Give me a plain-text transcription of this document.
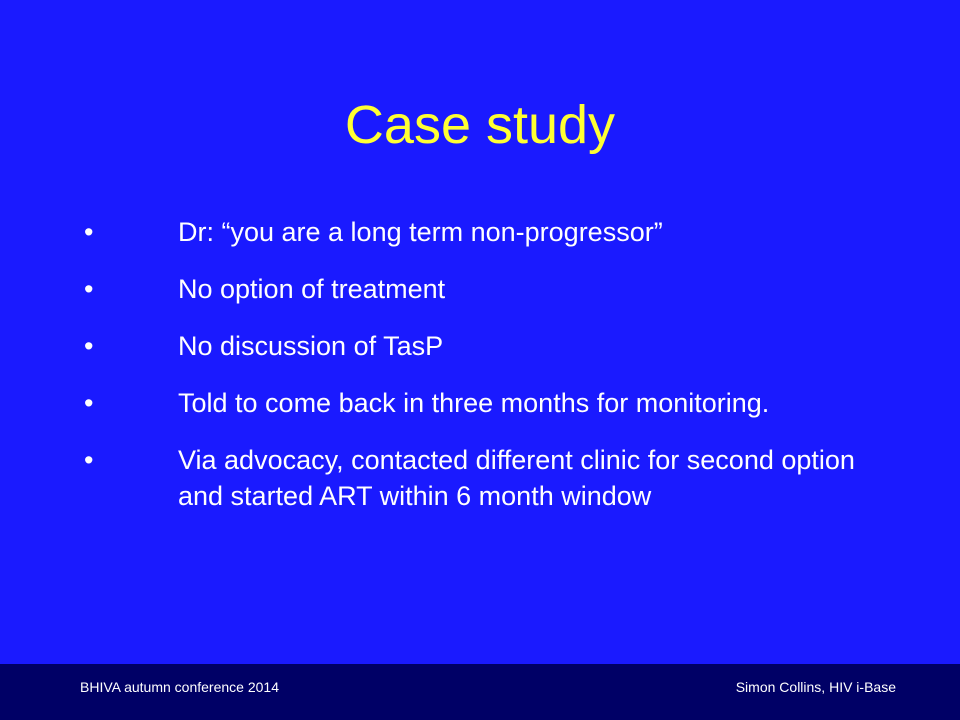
Case study
•	Dr: “you are a long term non-progressor”
•	No option of treatment
•	No discussion of TasP
•	Told to come back in three months for monitoring.
•	Via advocacy, contacted different clinic for second option and started ART within 6 month window
BHIVA autumn conference 2014	Simon Collins, HIV i-Base
